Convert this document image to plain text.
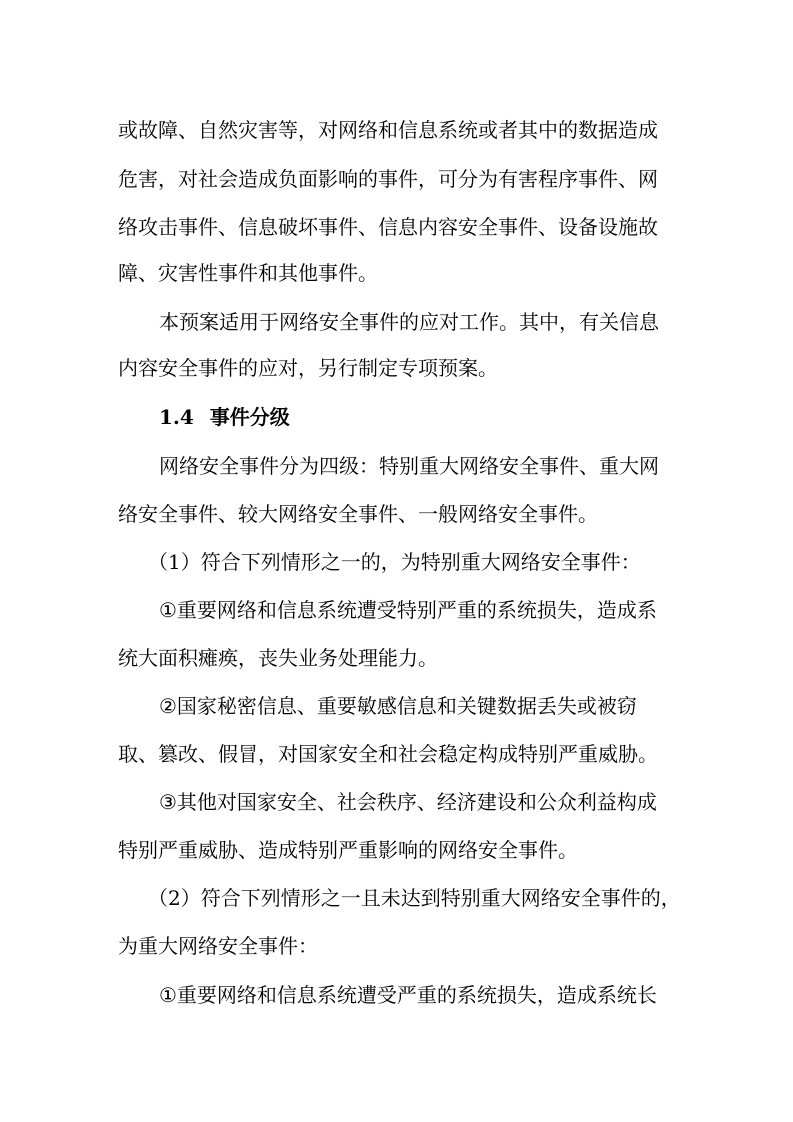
或故障、自然灾害等，对网络和信息系统或者其中的数据造成
危害，对社会造成负面影响的事件，可分为有害程序事件、网
络攻击事件、信息破坏事件、信息内容安全事件、设备设施故
障、灾害性事件和其他事件。
本预案适用于网络安全事件的应对工作。其中，有关信息
内容安全事件的应对，另行制定专项预案。
1.4 事件分级
网络安全事件分为四级：特别重大网络安全事件、重大网
络安全事件、较大网络安全事件、一般网络安全事件。
（1）符合下列情形之一的，为特别重大网络安全事件：
①重要网络和信息系统遭受特别严重的系统损失，造成系
统大面积瘫痪，丧失业务处理能力。
②国家秘密信息、重要敏感信息和关键数据丢失或被窃
取、篡改、假冒，对国家安全和社会稳定构成特别严重威胁。
③其他对国家安全、社会秩序、经济建设和公众利益构成
特别严重威胁、造成特别严重影响的网络安全事件。
（2）符合下列情形之一且未达到特别重大网络安全事件的，
为重大网络安全事件：
①重要网络和信息系统遭受严重的系统损失，造成系统长
